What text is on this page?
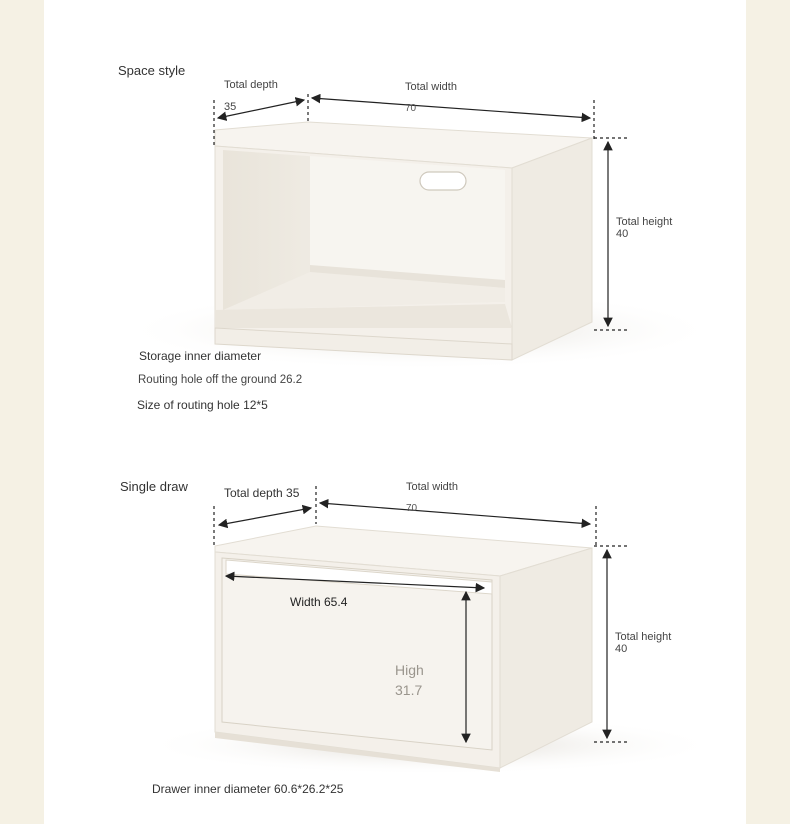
Space style
Total depth
35
Total width
70
Total height
40
Storage inner diameter
Routing hole off the ground 26.2
Size of routing hole 12*5
Single draw	Total depth 35	Total width
70
Total height
40
Width 65.4
High
31.7
Drawer inner diameter 60.6*26.2*25
